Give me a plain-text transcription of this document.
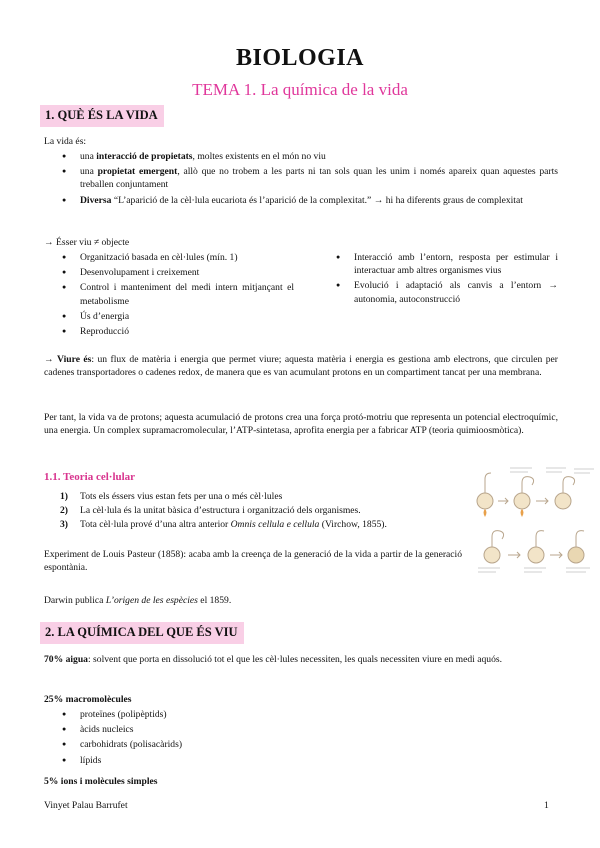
BIOLOGIA
TEMA 1. La química de la vida
1. QUÈ ÉS LA VIDA
La vida és:
● una interacció de propietats, moltes existents en el món no viu
● una propietat emergent, allò que no trobem a les parts ni tan sols quan les unim i només apareix quan aquestes parts treballen conjuntament
● Diversa “L’aparició de la cèl·lula eucariota és l’aparició de la complexitat.” → hi ha diferents graus de complexitat
→ Ésser viu ≠ objecte
● Organització basada en cèl·lules (mín. 1)
● Desenvolupament i creixement
● Control i manteniment del medi intern mitjançant el metabolisme
● Ús d’energia
● Reproducció
● Interacció amb l’entorn, resposta per estimular i interactuar amb altres organismes vius
● Evolució i adaptació als canvis a l’entorn → autonomia, autoconstrucció
→ Viure és: un flux de matèria i energia que permet viure; aquesta matèria i energia es gestiona amb electrons, que circulen per cadenes transportadores o cadenes redox, de manera que es van acumulant protons en un compartiment tancat per una membrana.
Per tant, la vida va de protons; aquesta acumulació de protons crea una força protó-motriu que representa un potencial electroquímic, una energia. Un complex supramacromolecular, l’ATP-sintetasa, aprofita energia per a fabricar ATP (teoria quimioosmòtica).
1.1. Teoria cel·lular
1) Tots els éssers vius estan fets per una o més cèl·lules
2) La cèl·lula és la unitat bàsica d’estructura i organització dels organismes.
3) Tota cèl·lula prové d’una altra anterior Omnis cellula e cellula (Virchow, 1855).
Experiment de Louis Pasteur (1858): acaba amb la creença de la generació de la vida a partir de la generació espontània.
Darwin publica L’origen de les espècies el 1859.
2. LA QUÍMICA DEL QUE ÉS VIU
70% aigua: solvent que porta en dissolució tot el que les cèl·lules necessiten, les quals necessiten viure en medi aquós.
25% macromolècules
● proteïnes (polipèptids)
● àcids nucleics
● carbohidrats (polisacàrids)
● lípids
5% ions i molècules simples
Vinyet Palau Barrufet	1
